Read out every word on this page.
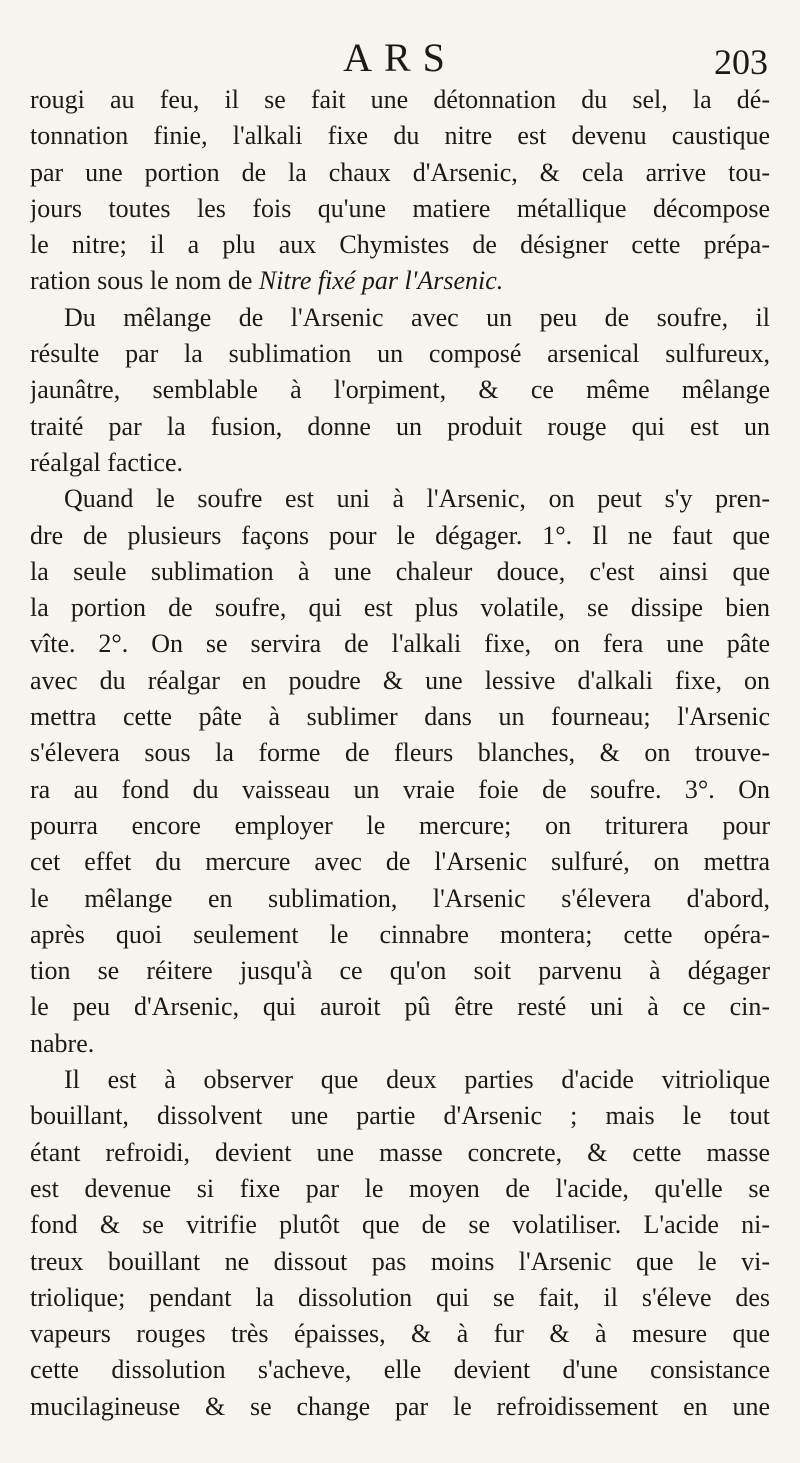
ARS	203
rougi au feu, il se fait une détonnation du sel, la dé-
tonnation finie, l'alkali fixe du nitre est devenu caustique
par une portion de la chaux d'Arsenic, & cela arrive tou-
jours toutes les fois qu'une matiere métallique décompose
le nitre; il a plu aux Chymistes de désigner cette prépa-
ration sous le nom de Nitre fixé par l'Arsenic.
Du mêlange de l'Arsenic avec un peu de soufre, il
résulte par la sublimation un composé arsenical sulfureux,
jaunâtre, semblable à l'orpiment, & ce même mêlange
traité par la fusion, donne un produit rouge qui est un
réalgal factice.
Quand le soufre est uni à l'Arsenic, on peut s'y pren-
dre de plusieurs façons pour le dégager. 1°. Il ne faut que
la seule sublimation à une chaleur douce, c'est ainsi que
la portion de soufre, qui est plus volatile, se dissipe bien
vîte. 2°. On se servira de l'alkali fixe, on fera une pâte
avec du réalgar en poudre & une lessive d'alkali fixe, on
mettra cette pâte à sublimer dans un fourneau; l'Arsenic
s'élevera sous la forme de fleurs blanches, & on trouve-
ra au fond du vaisseau un vraie foie de soufre. 3°. On
pourra encore employer le mercure; on triturera pour
cet effet du mercure avec de l'Arsenic sulfuré, on mettra
le mêlange en sublimation, l'Arsenic s'élevera d'abord,
après quoi seulement le cinnabre montera; cette opéra-
tion se réitere jusqu'à ce qu'on soit parvenu à dégager
le peu d'Arsenic, qui auroit pû être resté uni à ce cin-
nabre.
Il est à observer que deux parties d'acide vitriolique
bouillant, dissolvent une partie d'Arsenic ; mais le tout
étant refroidi, devient une masse concrete, & cette masse
est devenue si fixe par le moyen de l'acide, qu'elle se
fond & se vitrifie plutôt que de se volatiliser. L'acide ni-
treux bouillant ne dissout pas moins l'Arsenic que le vi-
triolique; pendant la dissolution qui se fait, il s'éleve des
vapeurs rouges très épaisses, & à fur & à mesure que
cette dissolution s'acheve, elle devient d'une consistance
mucilagineuse & se change par le refroidissement en une
